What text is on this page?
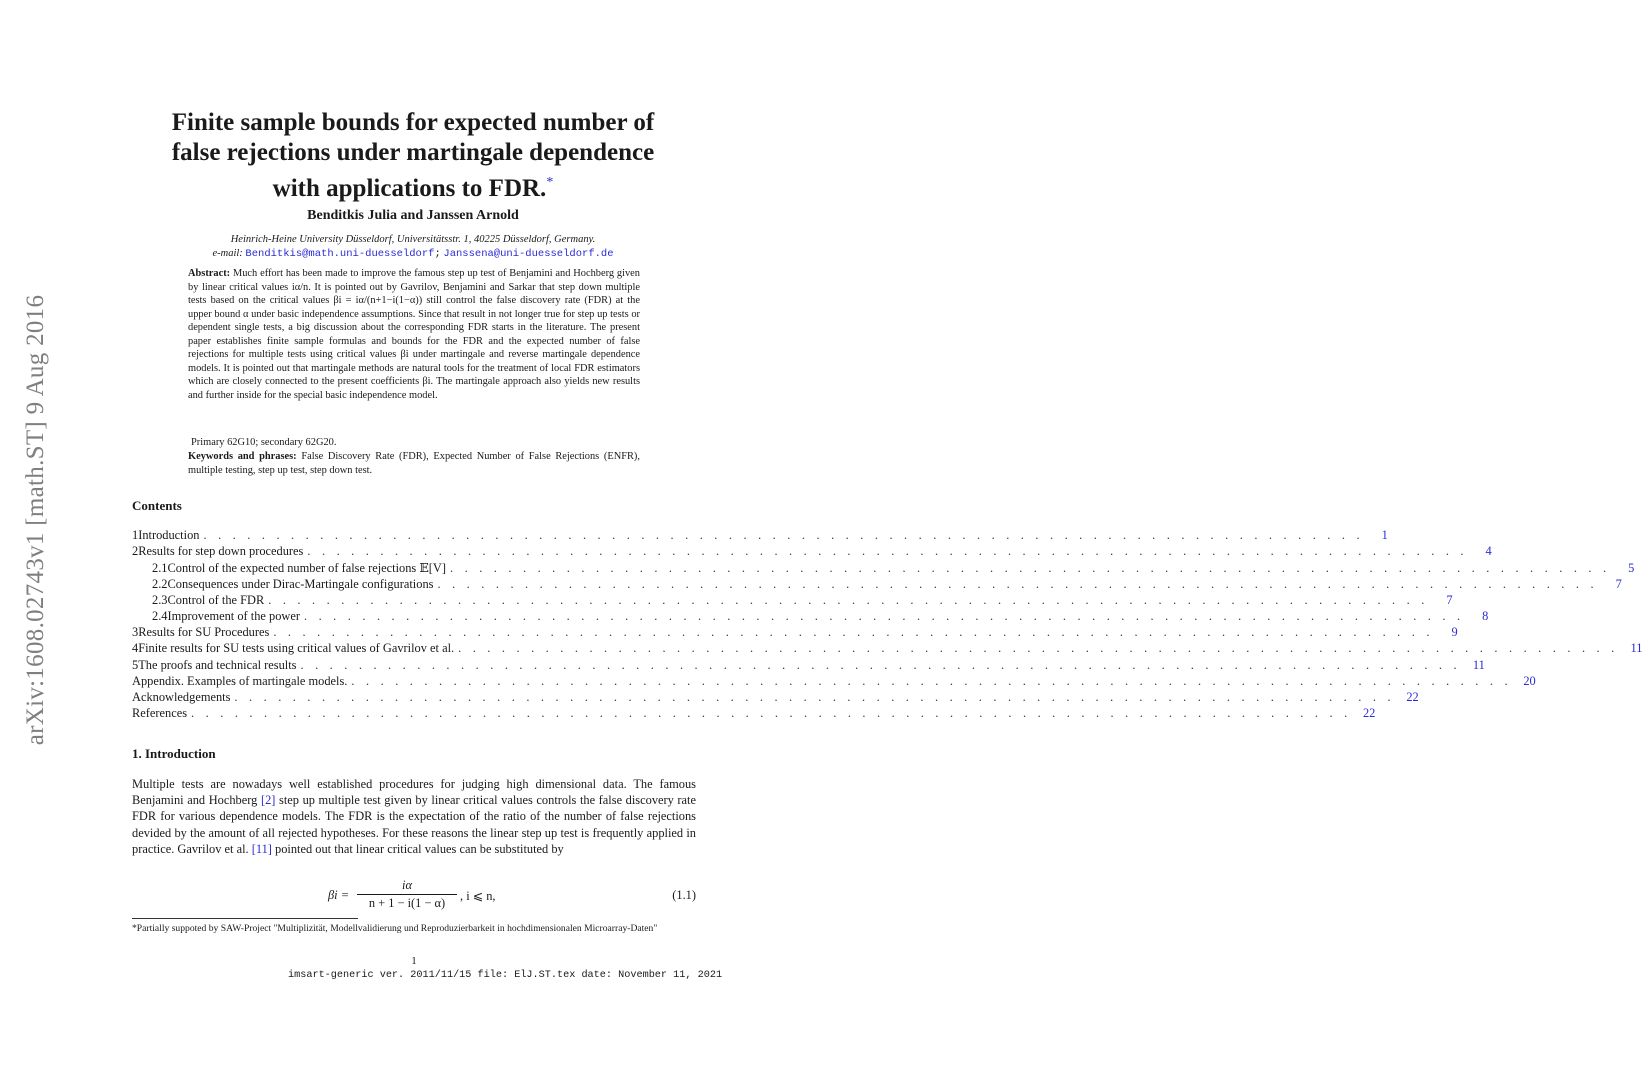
arXiv:1608.02743v1 [math.ST] 9 Aug 2016
Finite sample bounds for expected number of
false rejections under martingale dependence
with applications to FDR.*
Benditkis Julia and Janssen Arnold
Heinrich-Heine University Düsseldorf, Universitätsstr. 1, 40225 Düsseldorf, Germany.
e-mail: Benditkis@math.uni-duesseldorf; Janssena@uni-duesseldorf.de
Abstract: Much effort has been made to improve the famous step up test of Benjamini and Hochberg given by linear critical values iα/n. It is pointed out by Gavrilov, Benjamini and Sarkar that step down multiple tests based on the critical values βi = iα/(n+1−i(1−α)) still control the false discovery rate (FDR) at the upper bound α under basic independence assumptions. Since that result in not longer true for step up tests or dependent single tests, a big discussion about the corresponding FDR starts in the literature. The present paper establishes finite sample formulas and bounds for the FDR and the expected number of false rejections for multiple tests using critical values βi under martingale and reverse martingale dependence models. It is pointed out that martingale methods are natural tools for the treatment of local FDR estimators which are closely connected to the present coefficients βi. The martingale approach also yields new results and further inside for the special basic independence model.
Primary 62G10; secondary 62G20.
Keywords and phrases: False Discovery Rate (FDR), Expected Number of False Rejections (ENFR), multiple testing, step up test, step down test.
Contents
1 Introduction . . . . . . . . . . . . . . . . . . . . . . . . . . . . . . . . . . . . . . . . . . . . . . . . . . . . . . . . . . . . . . . . . . . . . . . . . . . . . . . .	1
2 Results for step down procedures . . . . . . . . . . . . . . . . . . . . . . . . . . . . . . . . . . . . . . . . . . . . . . . . . . . . . . . . . . . . . . . . . . . . . . . . . . . . . . . .	4
2.1 Control of the expected number of false rejections 𝔼[V] . . . . . . . . . . . . . . . . . . . . . . . . . . . . . . . . . . . . . . . . . . . . . . . . . . . . . . . . . . . . . . . . . . . . . . . . . . . . . . . .	5
2.2 Consequences under Dirac-Martingale configurations . . . . . . . . . . . . . . . . . . . . . . . . . . . . . . . . . . . . . . . . . . . . . . . . . . . . . . . . . . . . . . . . . . . . . . . . . . . . . . . .	7
2.3 Control of the FDR . . . . . . . . . . . . . . . . . . . . . . . . . . . . . . . . . . . . . . . . . . . . . . . . . . . . . . . . . . . . . . . . . . . . . . . . . . . . . . . .	7
2.4 Improvement of the power . . . . . . . . . . . . . . . . . . . . . . . . . . . . . . . . . . . . . . . . . . . . . . . . . . . . . . . . . . . . . . . . . . . . . . . . . . . . . . . .	8
3 Results for SU Procedures . . . . . . . . . . . . . . . . . . . . . . . . . . . . . . . . . . . . . . . . . . . . . . . . . . . . . . . . . . . . . . . . . . . . . . . . . . . . . . . .	9
4 Finite results for SU tests using critical values of Gavrilov et al. . . . . . . . . . . . . . . . . . . . . . . . . . . . . . . . . . . . . . . . . . . . . . . . . . . . . . . . . . . . . . . . . . . . . . . . . . . . . . . . . 11
5 The proofs and technical results . . . . . . . . . . . . . . . . . . . . . . . . . . . . . . . . . . . . . . . . . . . . . . . . . . . . . . . . . . . . . . . . . . . . . . . . . . . . . . . . 11
Appendix. Examples of martingale models. . . . . . . . . . . . . . . . . . . . . . . . . . . . . . . . . . . . . . . . . . . . . . . . . . . . . . . . . . . . . . . . . . . . . . . . . . . . . . . . . 20
Acknowledgements . . . . . . . . . . . . . . . . . . . . . . . . . . . . . . . . . . . . . . . . . . . . . . . . . . . . . . . . . . . . . . . . . . . . . . . . . . . . . . . . 22
References . . . . . . . . . . . . . . . . . . . . . . . . . . . . . . . . . . . . . . . . . . . . . . . . . . . . . . . . . . . . . . . . . . . . . . . . . . . . . . . . 22
1. Introduction
Multiple tests are nowadays well established procedures for judging high dimensional data. The famous Benjamini and Hochberg [2] step up multiple test given by linear critical values controls the false discovery rate FDR for various dependence models. The FDR is the expectation of the ratio of the number of false rejections devided by the amount of all rejected hypotheses. For these reasons the linear step up test is frequently applied in practice. Gavrilov et al. [11] pointed out that linear critical values can be substituted by
βi =
iα
n + 1 − i(1 − α)	, i ⩽ n,	(1.1)
*Partially suppoted by SAW-Project "Multiplizität, Modellvalidierung und Reproduzierbarkeit in hochdimensionalen Microarray-Daten"
1
imsart-generic ver. 2011/11/15 file: ElJ.ST.tex date: November 11, 2021
